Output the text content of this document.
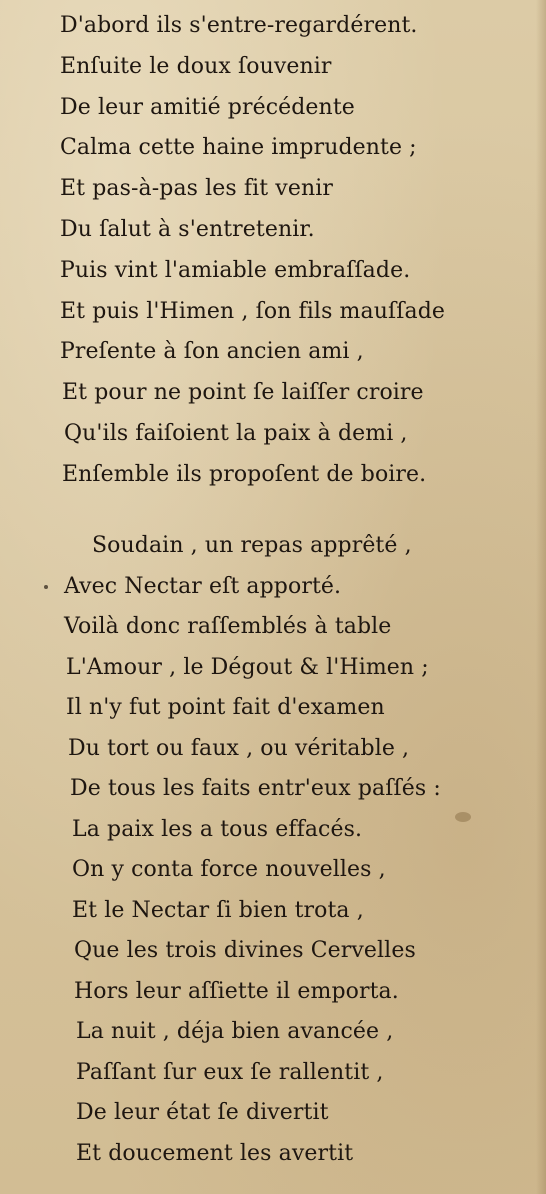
D'abord ils s'entre-regardérent.
Enſuite le doux ſouvenir
De leur amitié précédente
Calma cette haine imprudente ;
Et pas-à-pas les fit venir
Du ſalut à s'entretenir.
Puis vint l'amiable embraſſade.
Et puis l'Himen , ſon fils mauſſade
Preſente à ſon ancien ami ,
Et pour ne point ſe laiſſer croire
Qu'ils faiſoient la paix à demi ,
Enſemble ils propoſent de boire.
Soudain , un repas apprêté ,
Avec Nectar eſt apporté.
Voilà donc raſſemblés à table
L'Amour , le Dégout & l'Himen ;
Il n'y fut point fait d'examen
Du tort ou faux , ou véritable ,
De tous les faits entr'eux paſſés :
La paix les a tous effacés.
On y conta force nouvelles ,
Et le Nectar ſi bien trota ,
Que les trois divines Cervelles
Hors leur aſſiette il emporta.
La nuit , déja bien avancée ,
Paſſant ſur eux ſe rallentit ,
De leur état ſe divertit
Et doucement les avertit
